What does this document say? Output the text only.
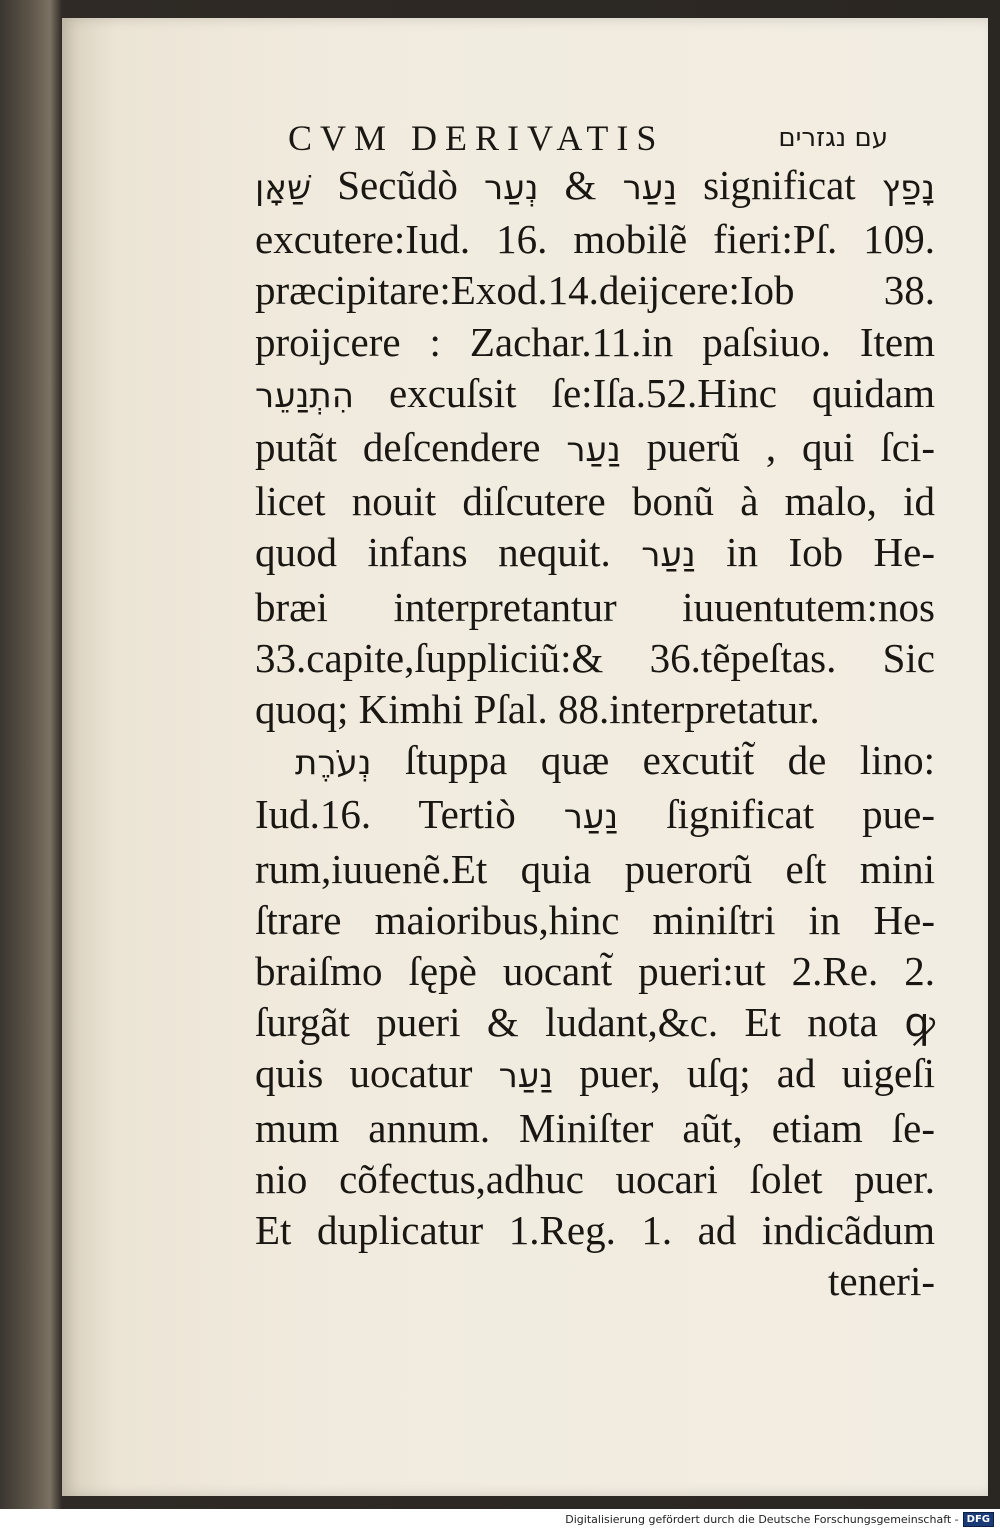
CVM DERIVATIS	עם נגזרים
שַׁאָן Secũdò	נַעַר & נְעַר	significat נָפַץ
excutere:Iud. 16. mobilẽ fieri:Pſ. 109.
præcipitare:Exod.14.deĳcere:Iob 38.
proĳcere : Zachar.11.in paſsiuo. Item
הִתְנַעֵר excuſsit ſe:Iſa.52.Hinc quidam
putãt deſcendere נַעַר puerũ , qui ſci‑
licet nouit diſcutere bonũ à malo, id
quod infans nequit. נַעַר in Iob He‑
bræi interpretantur iuuentutem:nos
33.capite,ſuppliciũ:& 36.tẽpeſtas. Sic
quoq; Kimhi Pſal. 88.interpretatur.
נְעֹרֶת ſtuppa quæ excutit̃ de lino:
Iud.16. Tertiò נַעַר ſignificat pue‑
rum,iuuenẽ.Et quia puerorũ eſt mini
ſtrare maioribus,hinc miniſtri in He‑
braiſmo ſępè uocant̃ pueri:ut 2.Re. 2.
ſurgãt pueri & ludant,&c. Et nota ꝙ
quis uocatur נַעַר puer, uſq; ad uigeſi
mum annum. Miniſter aũt, etiam ſe‑
nio cõfectus,adhuc uocari ſolet puer.
Et duplicatur 1.Reg. 1. ad indicãdum
teneri‑
Digitalisierung gefördert durch die Deutsche Forschungsgemeinschaft - DFG
